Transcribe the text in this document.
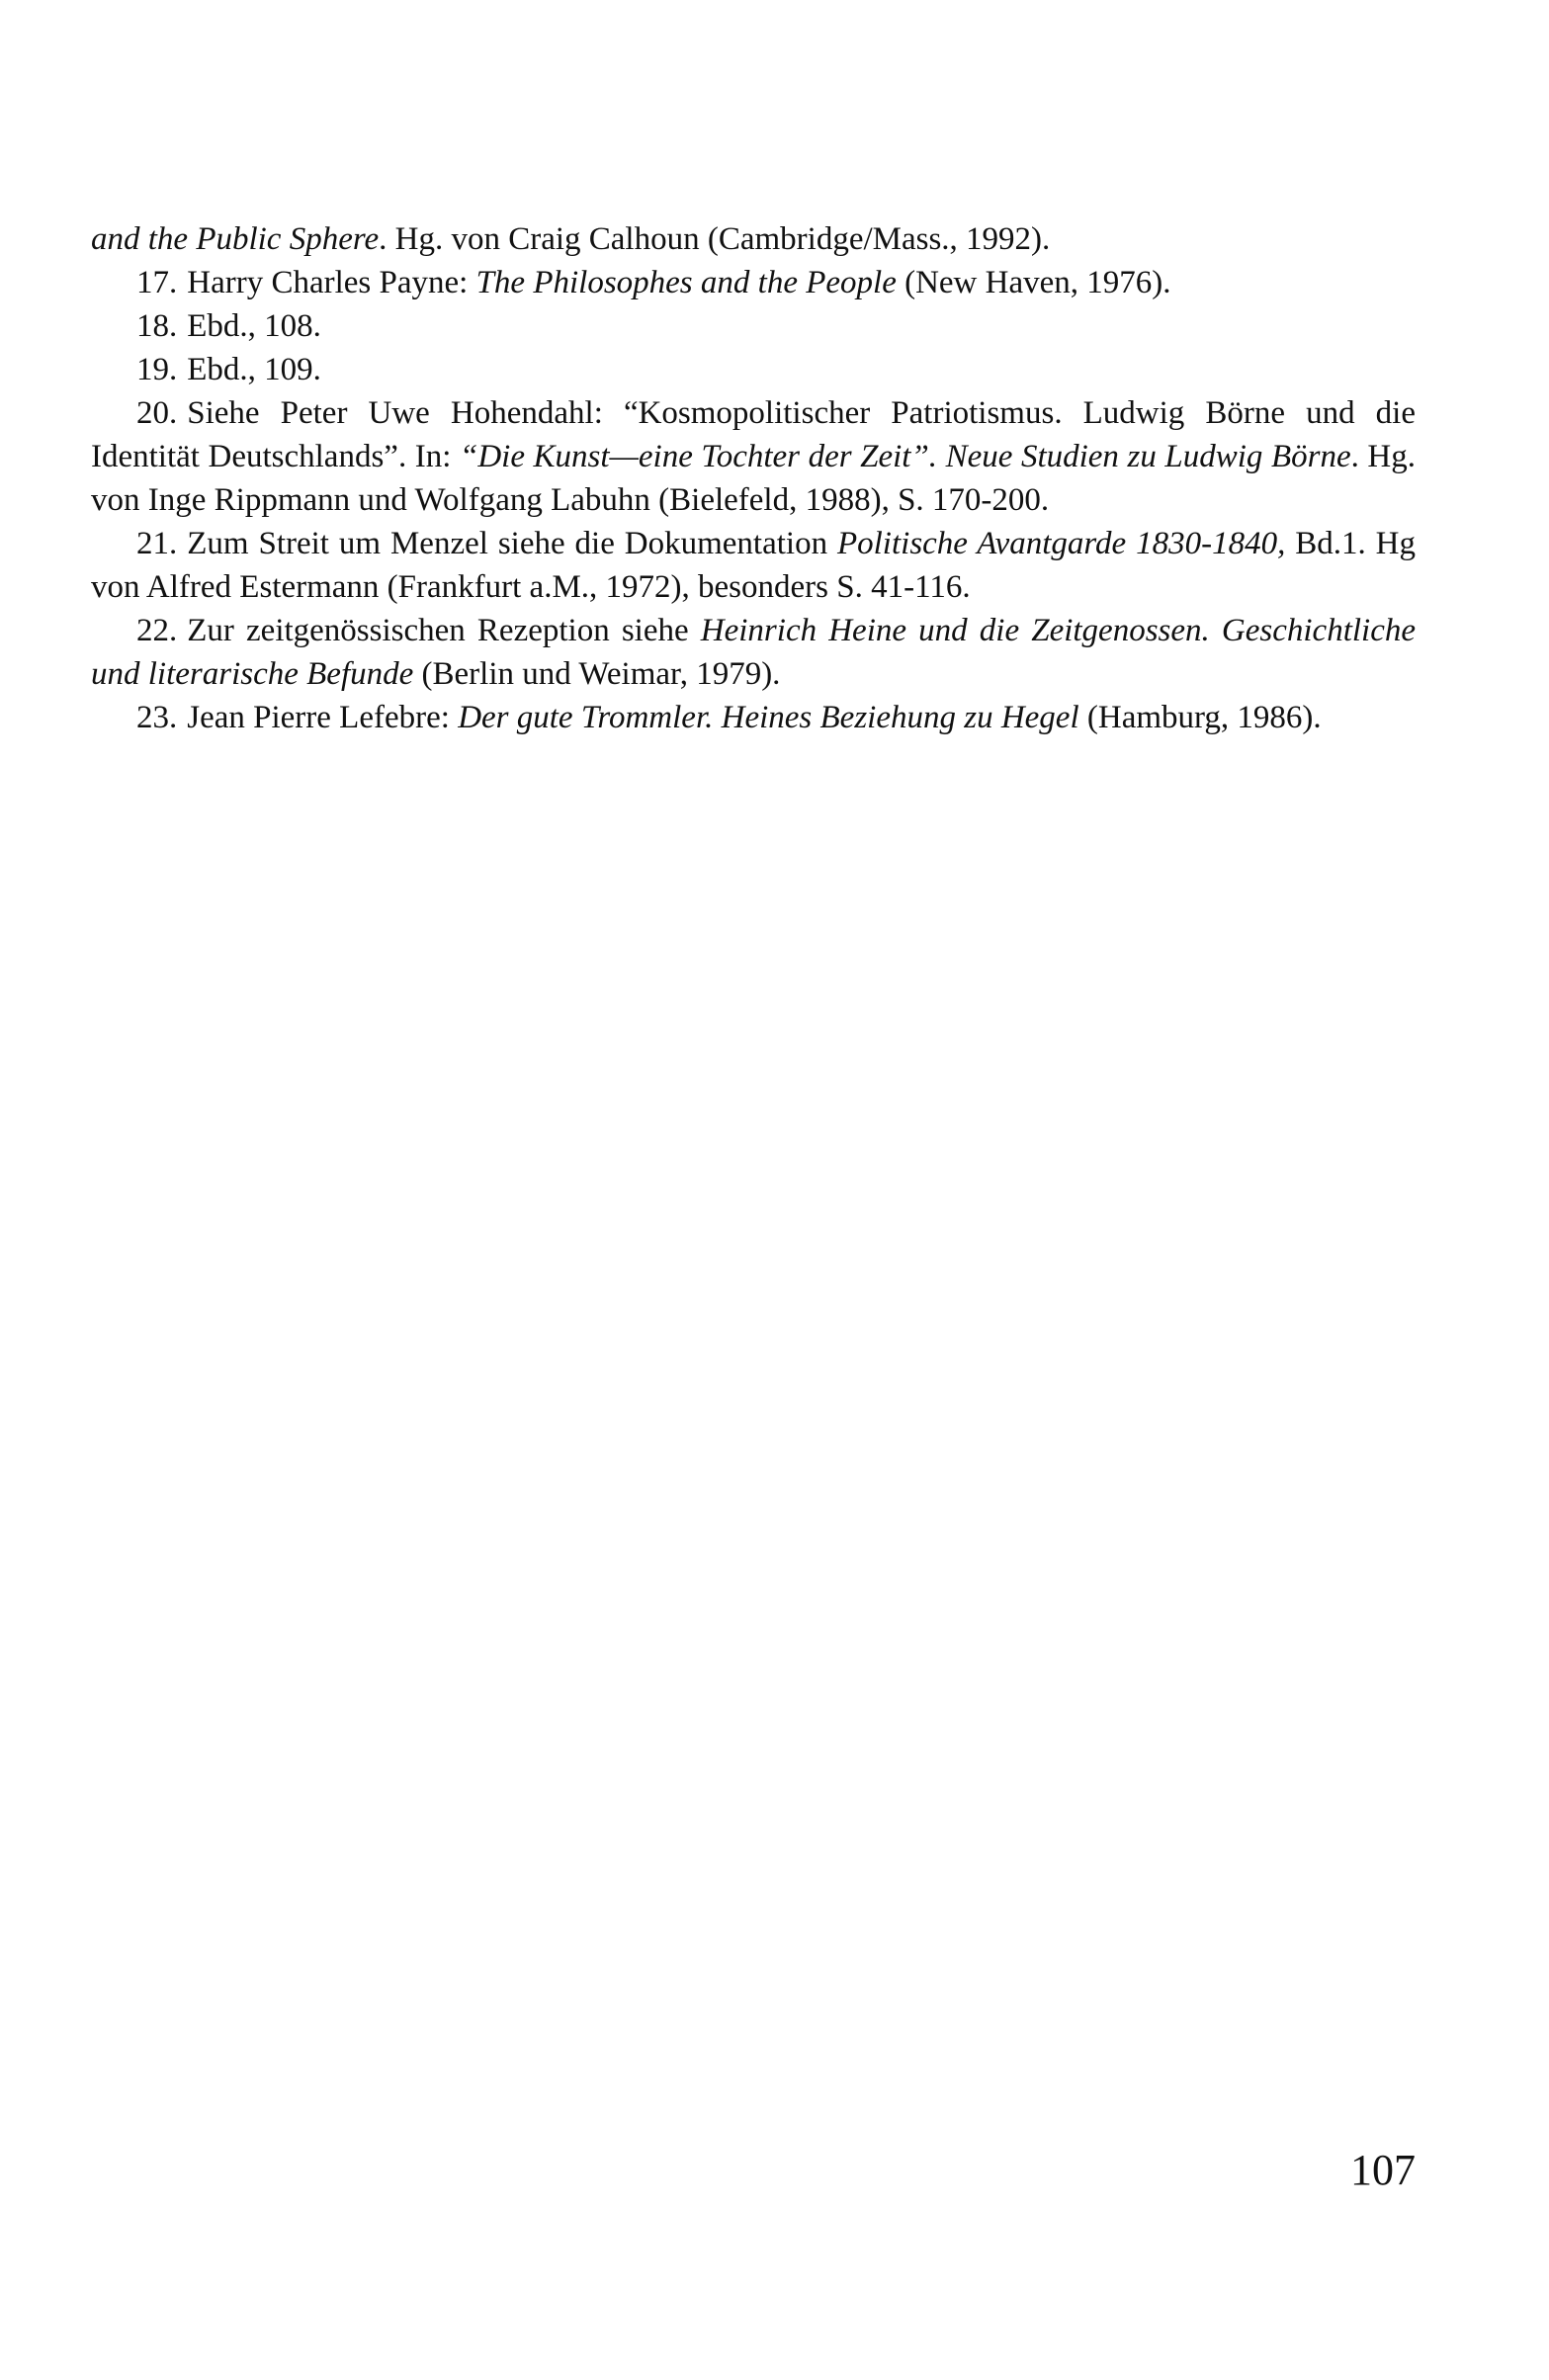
and the Public Sphere. Hg. von Craig Calhoun (Cambridge/Mass., 1992).

17. Harry Charles Payne: The Philosophes and the People (New Haven, 1976).

18. Ebd., 108.

19. Ebd., 109.

20. Siehe Peter Uwe Hohendahl: “Kosmopolitischer Patriotismus. Ludwig Börne und die Identität Deutschlands”. In: “Die Kunst—eine Tochter der Zeit”. Neue Studien zu Ludwig Börne. Hg. von Inge Rippmann und Wolfgang Labuhn (Bielefeld, 1988), S. 170-200.

21. Zum Streit um Menzel siehe die Dokumentation Politische Avantgarde 1830-1840, Bd.1. Hg von Alfred Estermann (Frankfurt a.M., 1972), besonders S. 41-116.

22. Zur zeitgenössischen Rezeption siehe Heinrich Heine und die Zeitgenossen. Geschichtliche und literarische Befunde (Berlin und Weimar, 1979).

23. Jean Pierre Lefebre: Der gute Trommler. Heines Beziehung zu Hegel (Hamburg, 1986).

107
